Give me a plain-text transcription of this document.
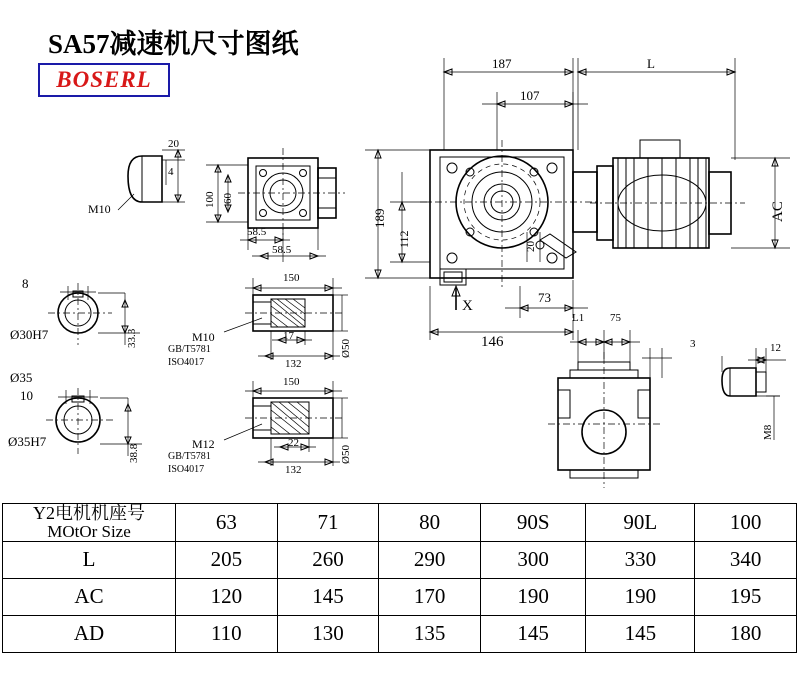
SA57减速机尺寸图纸
BOSERL
187	L
107
189
112
AC
20
73
146
X
20
4
M10
100 60
58.5
58.5
8
Ø30H7	33.3
Ø35
10
Ø35H7
38.8
150
17
132
Ø50
M10
GB/T5781
ISO4017
150
22
132
Ø50
M12
GB/T5781
ISO4017
L1 75
3	12
M8
Y2电机机座号
MOtOr Size	63	71	80	90S	90L	100
L	205	260	290	300	330	340
AC	120	145	170	190	190	195
AD	110	130	135	145	145	180
